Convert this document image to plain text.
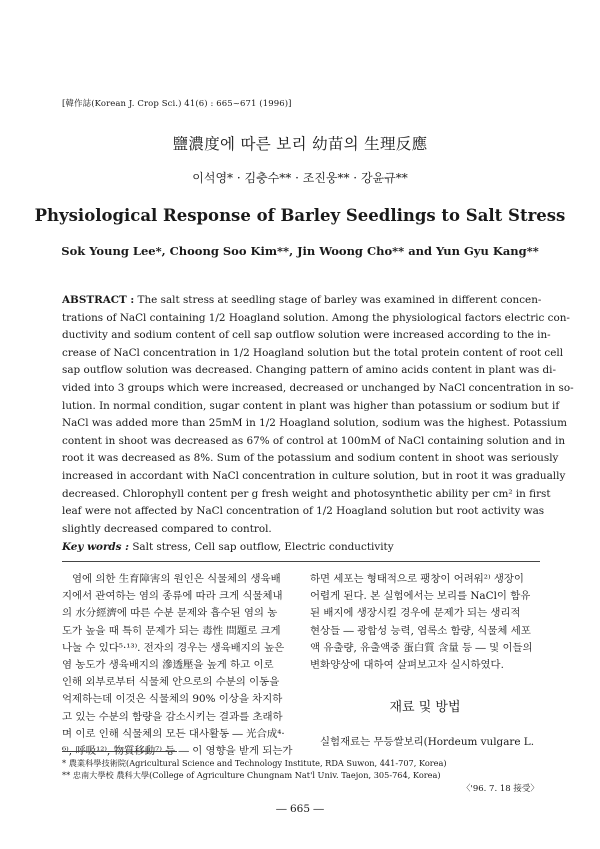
[韓作誌(Korean J. Crop Sci.) 41(6) : 665~671 (1996)]
鹽濃度에 따른 보리 幼苗의 生理反應
이석영* · 김충수** · 조진웅** · 강윤규**
Physiological Response of Barley Seedlings to Salt Stress
Sok Young Lee*, Choong Soo Kim**, Jin Woong Cho** and Yun Gyu Kang**
ABSTRACT : The salt stress at seedling stage of barley was examined in different concen-
trations of NaCl containing 1/2 Hoagland solution. Among the physiological factors electric con-
ductivity and sodium content of cell sap outflow solution were increased according to the in-
crease of NaCl concentration in 1/2 Hoagland solution but the total protein content of root cell
sap outflow solution was decreased. Changing pattern of amino acids content in plant was di-
vided into 3 groups which were increased, decreased or unchanged by NaCl concentration in so-
lution. In normal condition, sugar content in plant was higher than potassium or sodium but if
NaCl was added more than 25mM in 1/2 Hoagland solution, sodium was the highest. Potassium
content in shoot was decreased as 67% of control at 100mM of NaCl containing solution and in
root it was decreased as 8%. Sum of the potassium and sodium content in shoot was seriously
increased in accordant with NaCl concentration in culture solution, but in root it was gradually
decreased. Chlorophyll content per g fresh weight and photosynthetic ability per cm² in first
leaf were not affected by NaCl concentration of 1/2 Hoagland solution but root activity was
slightly decreased compared to control.
Key words : Salt stress, Cell sap outflow, Electric conductivity
염에 의한 生育障害의 원인은 식물체의 생육배
지에서 관여하는 염의 종류에 따라 크게 식물체내
의 水分經濟에 따른 수분 문제와 흡수된 염의 농
도가 높을 때 특히 문제가 되는 毒性 問題로 크게
나눌 수 있다⁵·¹³⁾. 전자의 경우는 생육배지의 높은
염 농도가 생육배지의 滲透壓을 높게 하고 이로
인해 외부로부터 식물체 안으로의 수분의 이동을
억제하는데 이것은 식물체의 90% 이상을 차지하
고 있는 수분의 함량을 감소시키는 결과를 초래하
며 이로 인해 식물체의 모든 대사활동 ― 光合成⁴·
⁶⁾, 呼吸¹²⁾, 物質移動⁷⁾ 등 ― 이 영향을 받게 되는가
하면 세포는 형태적으로 팽창이 어려워²⁾ 생장이
어렵게 된다. 본 실험에서는 보리를 NaCl이 함유
된 배지에 생장시킬 경우에 문제가 되는 생리적
현상들 ― 광합성 능력, 엽록소 함량, 식물체 세포
액 유출량, 유출액중 蛋白質 含量 등 ― 및 이들의
변화양상에 대하여 살펴보고자 실시하였다.
재료 및 방법
실험재료는 무등쌀보리(Hordeum vulgare L.
* 農業科學技術院(Agricultural Science and Technology Institute, RDA Suwon, 441-707, Korea)
** 忠南大學校 農科大學(College of Agriculture Chungnam Nat'l Univ. Taejon, 305-764, Korea)
〈'96. 7. 18 接受〉
― 665 ―
